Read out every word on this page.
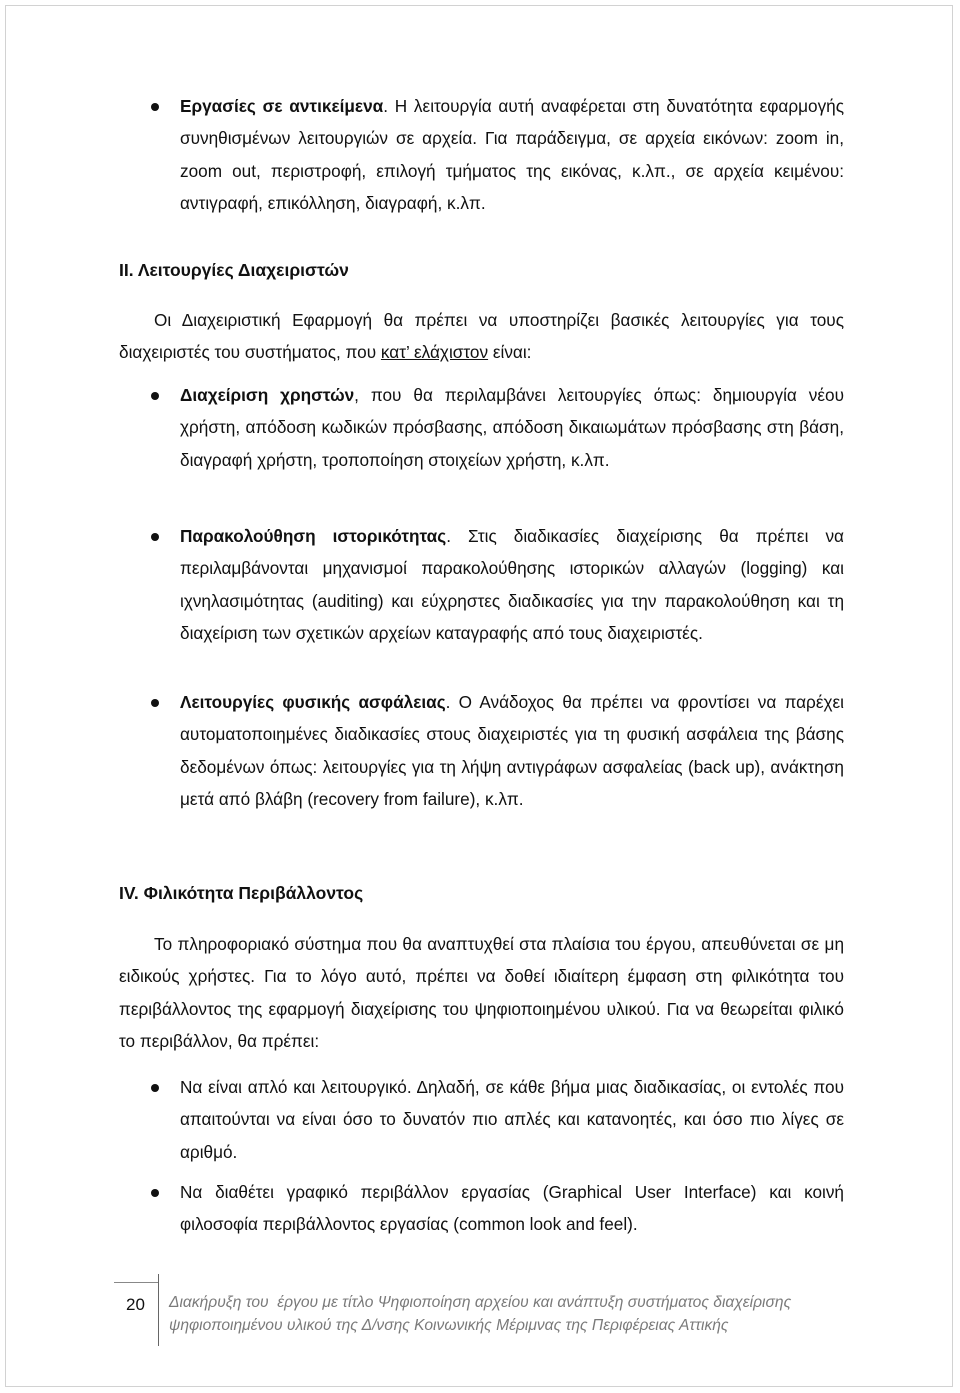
Εργασίες σε αντικείμενα. Η λειτουργία αυτή αναφέρεται στη δυνατότητα εφαρμογής συνηθισμένων λειτουργιών σε αρχεία. Για παράδειγμα, σε αρχεία εικόνων: zoom in, zoom out, περιστροφή, επιλογή τμήματος της εικόνας, κ.λπ., σε αρχεία κειμένου: αντιγραφή, επικόλληση, διαγραφή, κ.λπ.

ΙΙ. Λειτουργίες Διαχειριστών

Οι Διαχειριστική Εφαρμογή θα πρέπει να υποστηρίζει βασικές λειτουργίες για τους διαχειριστές του συστήματος, που κατ’ ελάχιστον είναι:

Διαχείριση χρηστών, που θα περιλαμβάνει λειτουργίες όπως: δημιουργία νέου χρήστη, απόδοση κωδικών πρόσβασης, απόδοση δικαιωμάτων πρόσβασης στη βάση, διαγραφή χρήστη, τροποποίηση στοιχείων χρήστη, κ.λπ.

Παρακολούθηση ιστορικότητας. Στις διαδικασίες διαχείρισης θα πρέπει να περιλαμβάνονται μηχανισμοί παρακολούθησης ιστορικών αλλαγών (logging) και ιχνηλασιμότητας (auditing) και εύχρηστες διαδικασίες για την παρακολούθηση και τη διαχείριση των σχετικών αρχείων καταγραφής από τους διαχειριστές.

Λειτουργίες φυσικής ασφάλειας. Ο Ανάδοχος θα πρέπει να φροντίσει να παρέχει αυτοματοποιημένες διαδικασίες στους διαχειριστές για τη φυσική ασφάλεια της βάσης δεδομένων όπως: λειτουργίες για τη λήψη αντιγράφων ασφαλείας (back up), ανάκτηση μετά από βλάβη (recovery from failure), κ.λπ.

IV. Φιλικότητα Περιβάλλοντος

Το πληροφοριακό σύστημα που θα αναπτυχθεί στα πλαίσια του έργου, απευθύνεται σε μη ειδικούς χρήστες. Για το λόγο αυτό, πρέπει να δοθεί ιδιαίτερη έμφαση στη φιλικότητα του περιβάλλοντος της εφαρμογή διαχείρισης του ψηφιοποιημένου υλικού. Για να θεωρείται φιλικό το περιβάλλον, θα πρέπει:

Να είναι απλό και λειτουργικό. Δηλαδή, σε κάθε βήμα μιας διαδικασίας, οι εντολές που απαιτούνται να είναι όσο το δυνατόν πιο απλές και κατανοητές, και όσο πιο λίγες σε αριθμό.

Να διαθέτει γραφικό περιβάλλον εργασίας (Graphical User Interface) και κοινή φιλοσοφία περιβάλλοντος εργασίας (common look and feel).

20 Διακήρυξη του  έργου με τίτλο Ψηφιοποίηση αρχείου και ανάπτυξη συστήματος διαχείρισης
ψηφιοποιημένου υλικού της Δ/νσης Κοινωνικής Μέριμνας της Περιφέρειας Αττικής
